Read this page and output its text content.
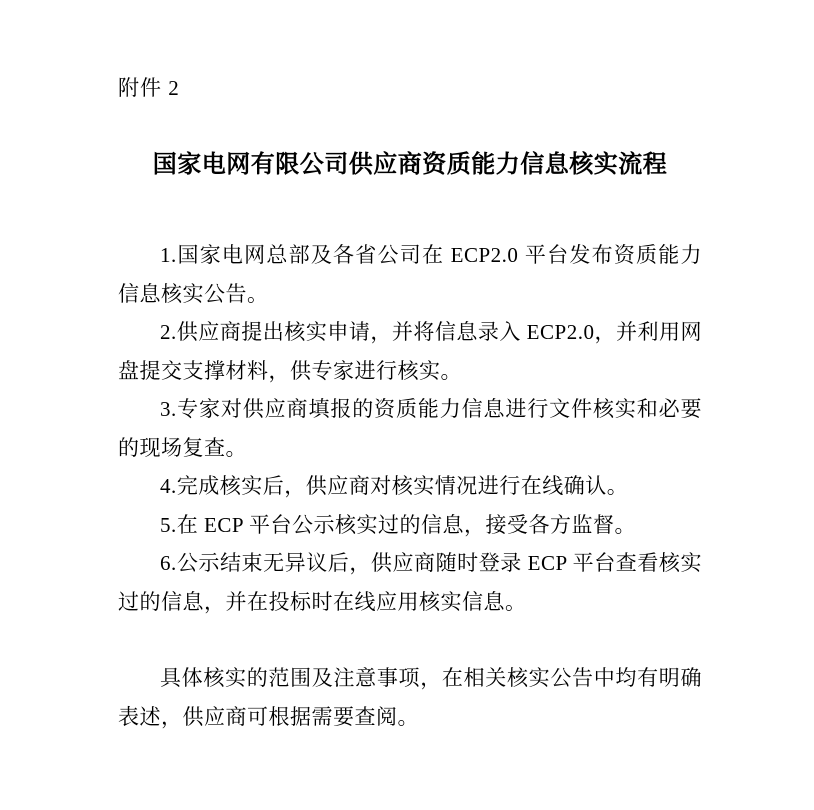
附件 2

国家电网有限公司供应商资质能力信息核实流程

1.国家电网总部及各省公司在 ECP2.0 平台发布资质能力信息核实公告。

2.供应商提出核实申请，并将信息录入 ECP2.0，并利用网盘提交支撑材料，供专家进行核实。

3.专家对供应商填报的资质能力信息进行文件核实和必要的现场复查。

4.完成核实后，供应商对核实情况进行在线确认。

5.在 ECP 平台公示核实过的信息，接受各方监督。

6.公示结束无异议后，供应商随时登录 ECP 平台查看核实过的信息，并在投标时在线应用核实信息。

具体核实的范围及注意事项，在相关核实公告中均有明确表述，供应商可根据需要查阅。
